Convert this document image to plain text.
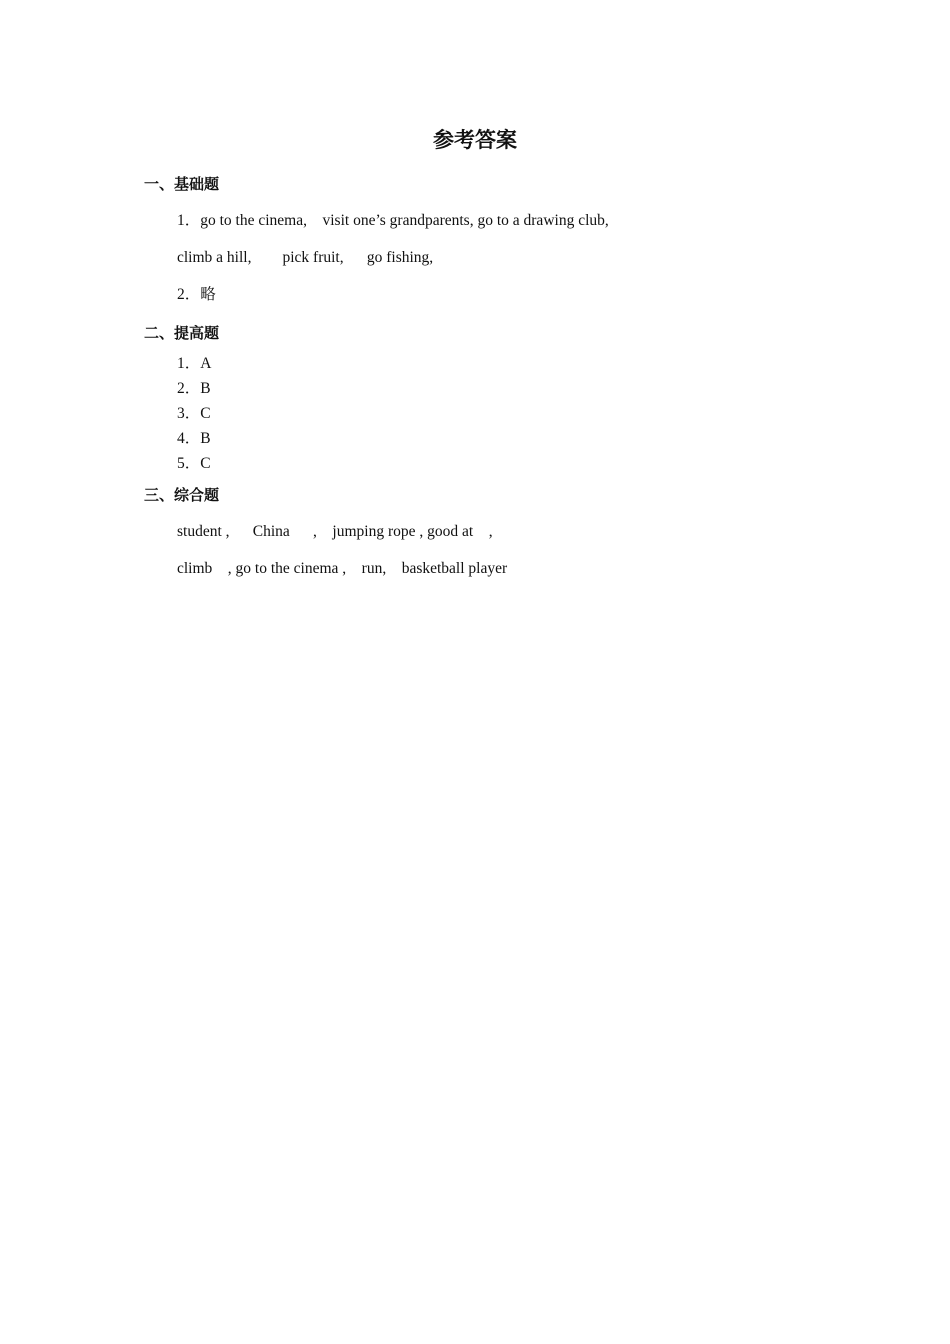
参考答案
一、基础题
1．go to the cinema,    visit one’s grandparents, go to a drawing club,
climb a hill,        pick fruit,      go fishing,
2．略
二、提高题
1．A
2．B
3．C
4．B
5．C
三、综合题
student ,      China      ,    jumping rope , good at    ,
climb    , go to the cinema ,    run,    basketball player
